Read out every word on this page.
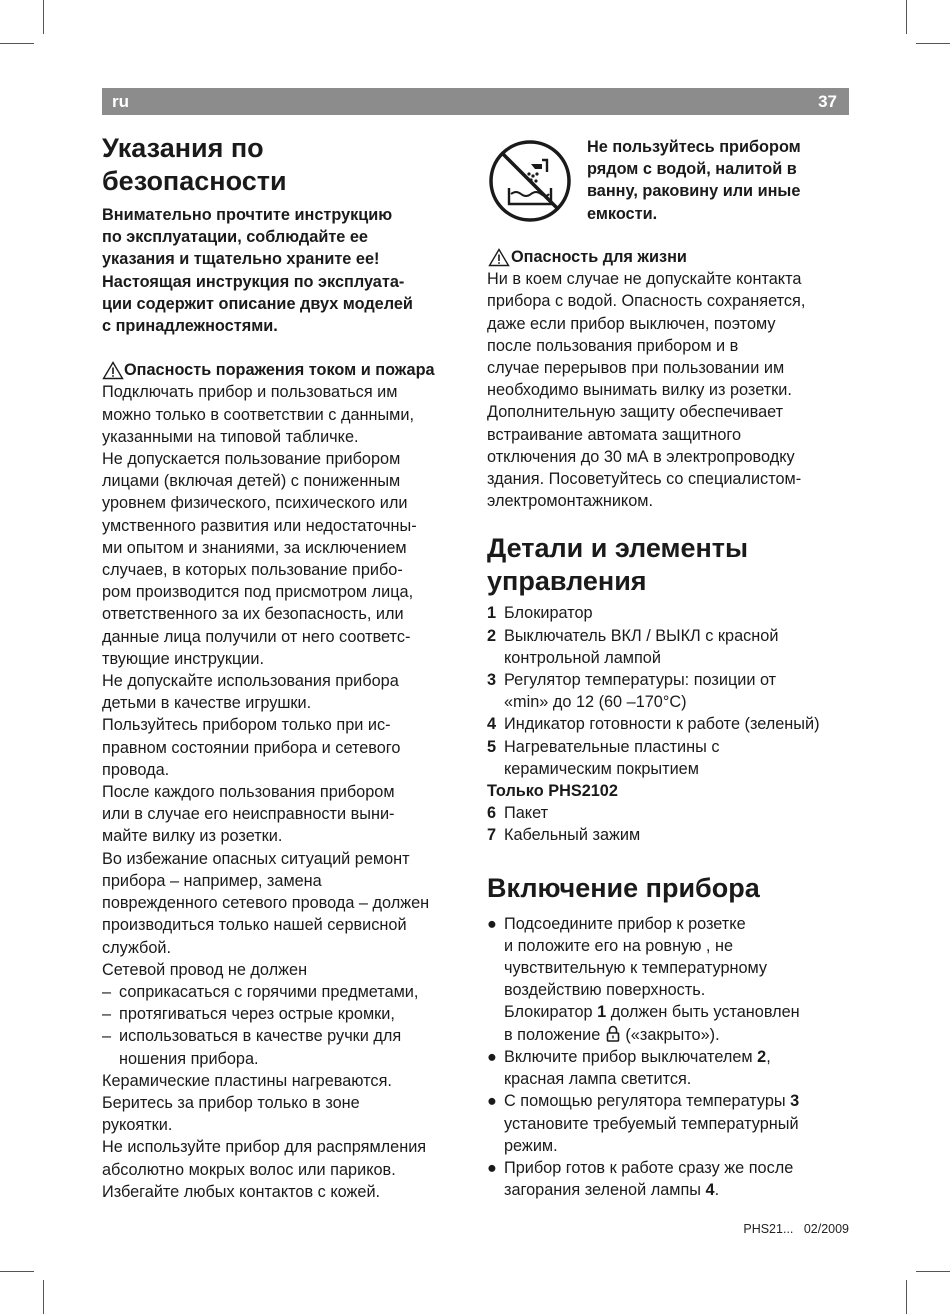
ru	37
Указания по
безопасности
Внимательно прочтите инструкцию
по эксплуатации, соблюдайте ее
указания и тщательно храните ее!
Настоящая инструкция по эксплуата-
ции содержит описание двух моделей
с принадлежностями.
Опасность поражения током и пожара
Подключать прибор и пользоваться им
можно только в соответствии с данными,
указанными на типовой табличке.
Не допускается пользование прибором
лицами (включая детей) с пониженным
уровнем физического, психического или
умственного развития или недостаточны-
ми опытом и знаниями, за исключением
случаев, в которых пользование прибо-
ром производится под присмотром лица,
ответственного за их безопасность, или
данные лица получили от него соответс-
твующие инструкции.
Не допускайте использования прибора
детьми в качестве игрушки.
Пользуйтесь прибором только при ис-
правном состоянии прибора и сетевого
провода.
После каждого пользования прибором
или в случае его неисправности выни-
майте вилку из розетки.
Во избежание опасных ситуаций ремонт
прибора – например, замена
поврежденного сетевого провода – должен
производиться только нашей сервисной
службой.
Сетевой провод не должен
– соприкасаться с горячими предметами,
– протягиваться через острые кромки,
– использоваться в качестве ручки для
ношения прибора.
Керамические пластины нагреваются.
Беритесь за прибор только в зоне
рукоятки.
Не используйте прибор для распрямления
абсолютно мокрых волос или париков.
Избегайте любых контактов с кожей.
Не пользуйтесь прибором
рядом с водой, налитой в
ванну, раковину или иные
емкости.
Опасность для жизни
Ни в коем случае не допускайте контакта
прибора с водой. Опасность сохраняется,
даже если прибор выключен, поэтому
после пользования прибором и в
случае перерывов при пользовании им
необходимо вынимать вилку из розетки.
Дополнительную защиту обеспечивает
встраивание автомата защитного
отключения до 30 мА в электропроводку
здания. Посоветуйтесь со специалистом-
электромонтажником.
Детали и элементы
управления
1 Блокиратор
2 Выключатель ВКЛ / ВЫКЛ с красной
контрольной лампой
3 Регулятор температуры: позиции от
«min» до 12 (60 –170°C)
4 Индикатор готовности к работе (зеленый)
5 Нагревательные пластины с
керамическим покрытием
Только PHS2102
6 Пакет
7 Кабельный зажим
Включение прибора
● Подсоедините прибор к розетке
и положите его на ровную , не
чувствительную к температурному
воздействию поверхность.
Блокиратор 1 должен быть установлен
в положение  («закрыто»).
● Включите прибор выключателем 2,
красная лампа светится.
● С помощью регулятора температуры 3
установите требуемый температурный
режим.
● Прибор готов к работе сразу же после
загорания зеленой лампы 4.
PHS21... 02/2009
